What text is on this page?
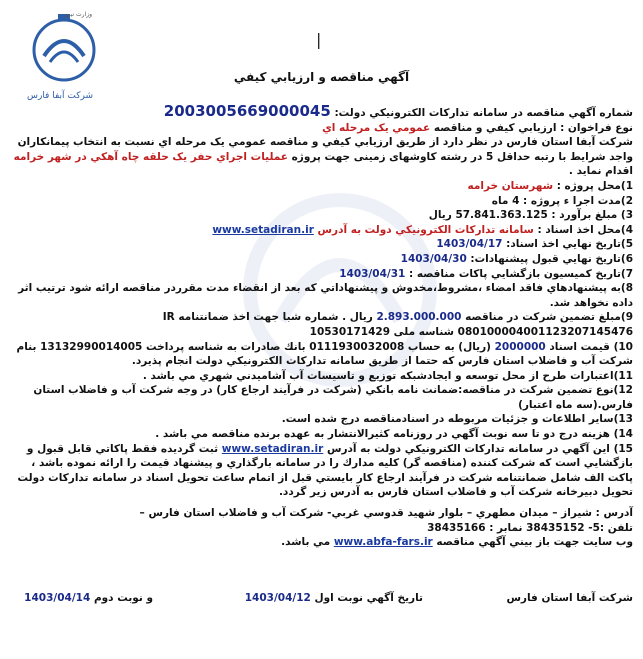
شرکت آبفا فارس
وزارت نیرو
|
آگهي مناقصه و ارزيابي كيفي

شماره آگهي مناقصه در سامانه تداركات الكترونيكي دولت: 2003005669000045

نوع فراخوان : ارزيابي كيفي و مناقصه عمومي يک مرحله اي

شرکت آبفا استان فارس در نظر دارد از طريق ارزيابي كيفي و مناقصه عمومي يک مرحله اي نسبت به انتخاب پيمانکاران واجد شرايط با رتبه حداقل 5 در رشته كاوشهاى زمينى جهت پروژه عمليات اجراي حفر يک حلقه چاه آهکي در شهر خرامه اقدام نمايد .

1)محل پروژه : شهرستان خرامه

2)مدت اجرا ء پروژه : 4 ماه

3) مبلغ برآورد : 57.841.363.125 ريال

4)محل اخذ اسناد : سامانه تداركات الكترونيكي دولت به آدرس www.setadiran.ir

5)تاريخ نهايي اخذ اسناد: 1403/04/17

6)تاريخ نهايي قبول پيشنهادات: 1403/04/30

7)تاريخ كميسيون بازگشايي پاكات مناقصه : 1403/04/31

8)به پيشنهادهاي فاقد امضاء ،مشروط،مخدوش و پيشنهاداتي كه بعد از انقضاء مدت مقرردر مناقصه ارائه شود ترتيب اثر داده نخواهد شد.

9)مبلغ تضمين شركت در مناقصه 2.893.000.000 ريال . شماره شبا جهت اخذ ضمانتنامه IR 080100004001123207145476 شناسه ملی 10530171429

10) قيمت اسناد 2000000 (ريال) به حساب 0111930032008 بانك صادرات به شناسه پرداخت 13132990014005 بنام شركت آب و فاضلاب استان فارس كه حتما از طريق سامانه تداركات الكترونيكي دولت انجام پذيرد.

11)اعتبارات طرح از محل توسعه و ايجادشبكه توزيع و تاسيسات آب آشاميدني شهري مي باشد .

12)نوع تضمين شركت در مناقصه:ضمانت نامه بانكي (شركت در فرآيند ارجاع كار) در وجه شركت آب و فاضلاب استان فارس.(سه ماه اعتبار)

13)ساير اطلاعات و جزئيات مربوطه در اسنادمناقصه درج شده است.

14) هزينه درج دو تا سه نوبت آگهي در روزنامه كثيرالانتشار به عهده برنده مناقصه مي باشد .

15) اين آگهي در سامانه تداركات الكترونيكي دولت به آدرس www.setadiran.ir ثبت گرديده فقط پاكاتي قابل قبول و بازگشايي است كه شركت كننده (مناقصه گر) كليه مدارك را در سامانه بارگذاري و پيشنهاد قيمت را ارائه نموده باشد ، پاكت الف شامل ضمانتنامه شركت در فرآيند ارجاع كار بايستي قبل از اتمام ساعت تحويل اسناد در سامانه تداركات دولت تحويل دبيرخانه شركت آب و فاضلاب استان فارس به آدرس زير گردد.

آدرس : شيراز – ميدان مطهري – بلوار شهيد قدوسي غربي- شركت آب و فاضلاب استان فارس –

تلفن :5- 38435152 نمابر : 38435166

وب سايت جهت باز بيني آگهي مناقصه www.abfa-fars.ir مي باشد.

شركت آبفا استان فارس
تاريخ آگهي نوبت اول 1403/04/12
و نوبت دوم 1403/04/14
